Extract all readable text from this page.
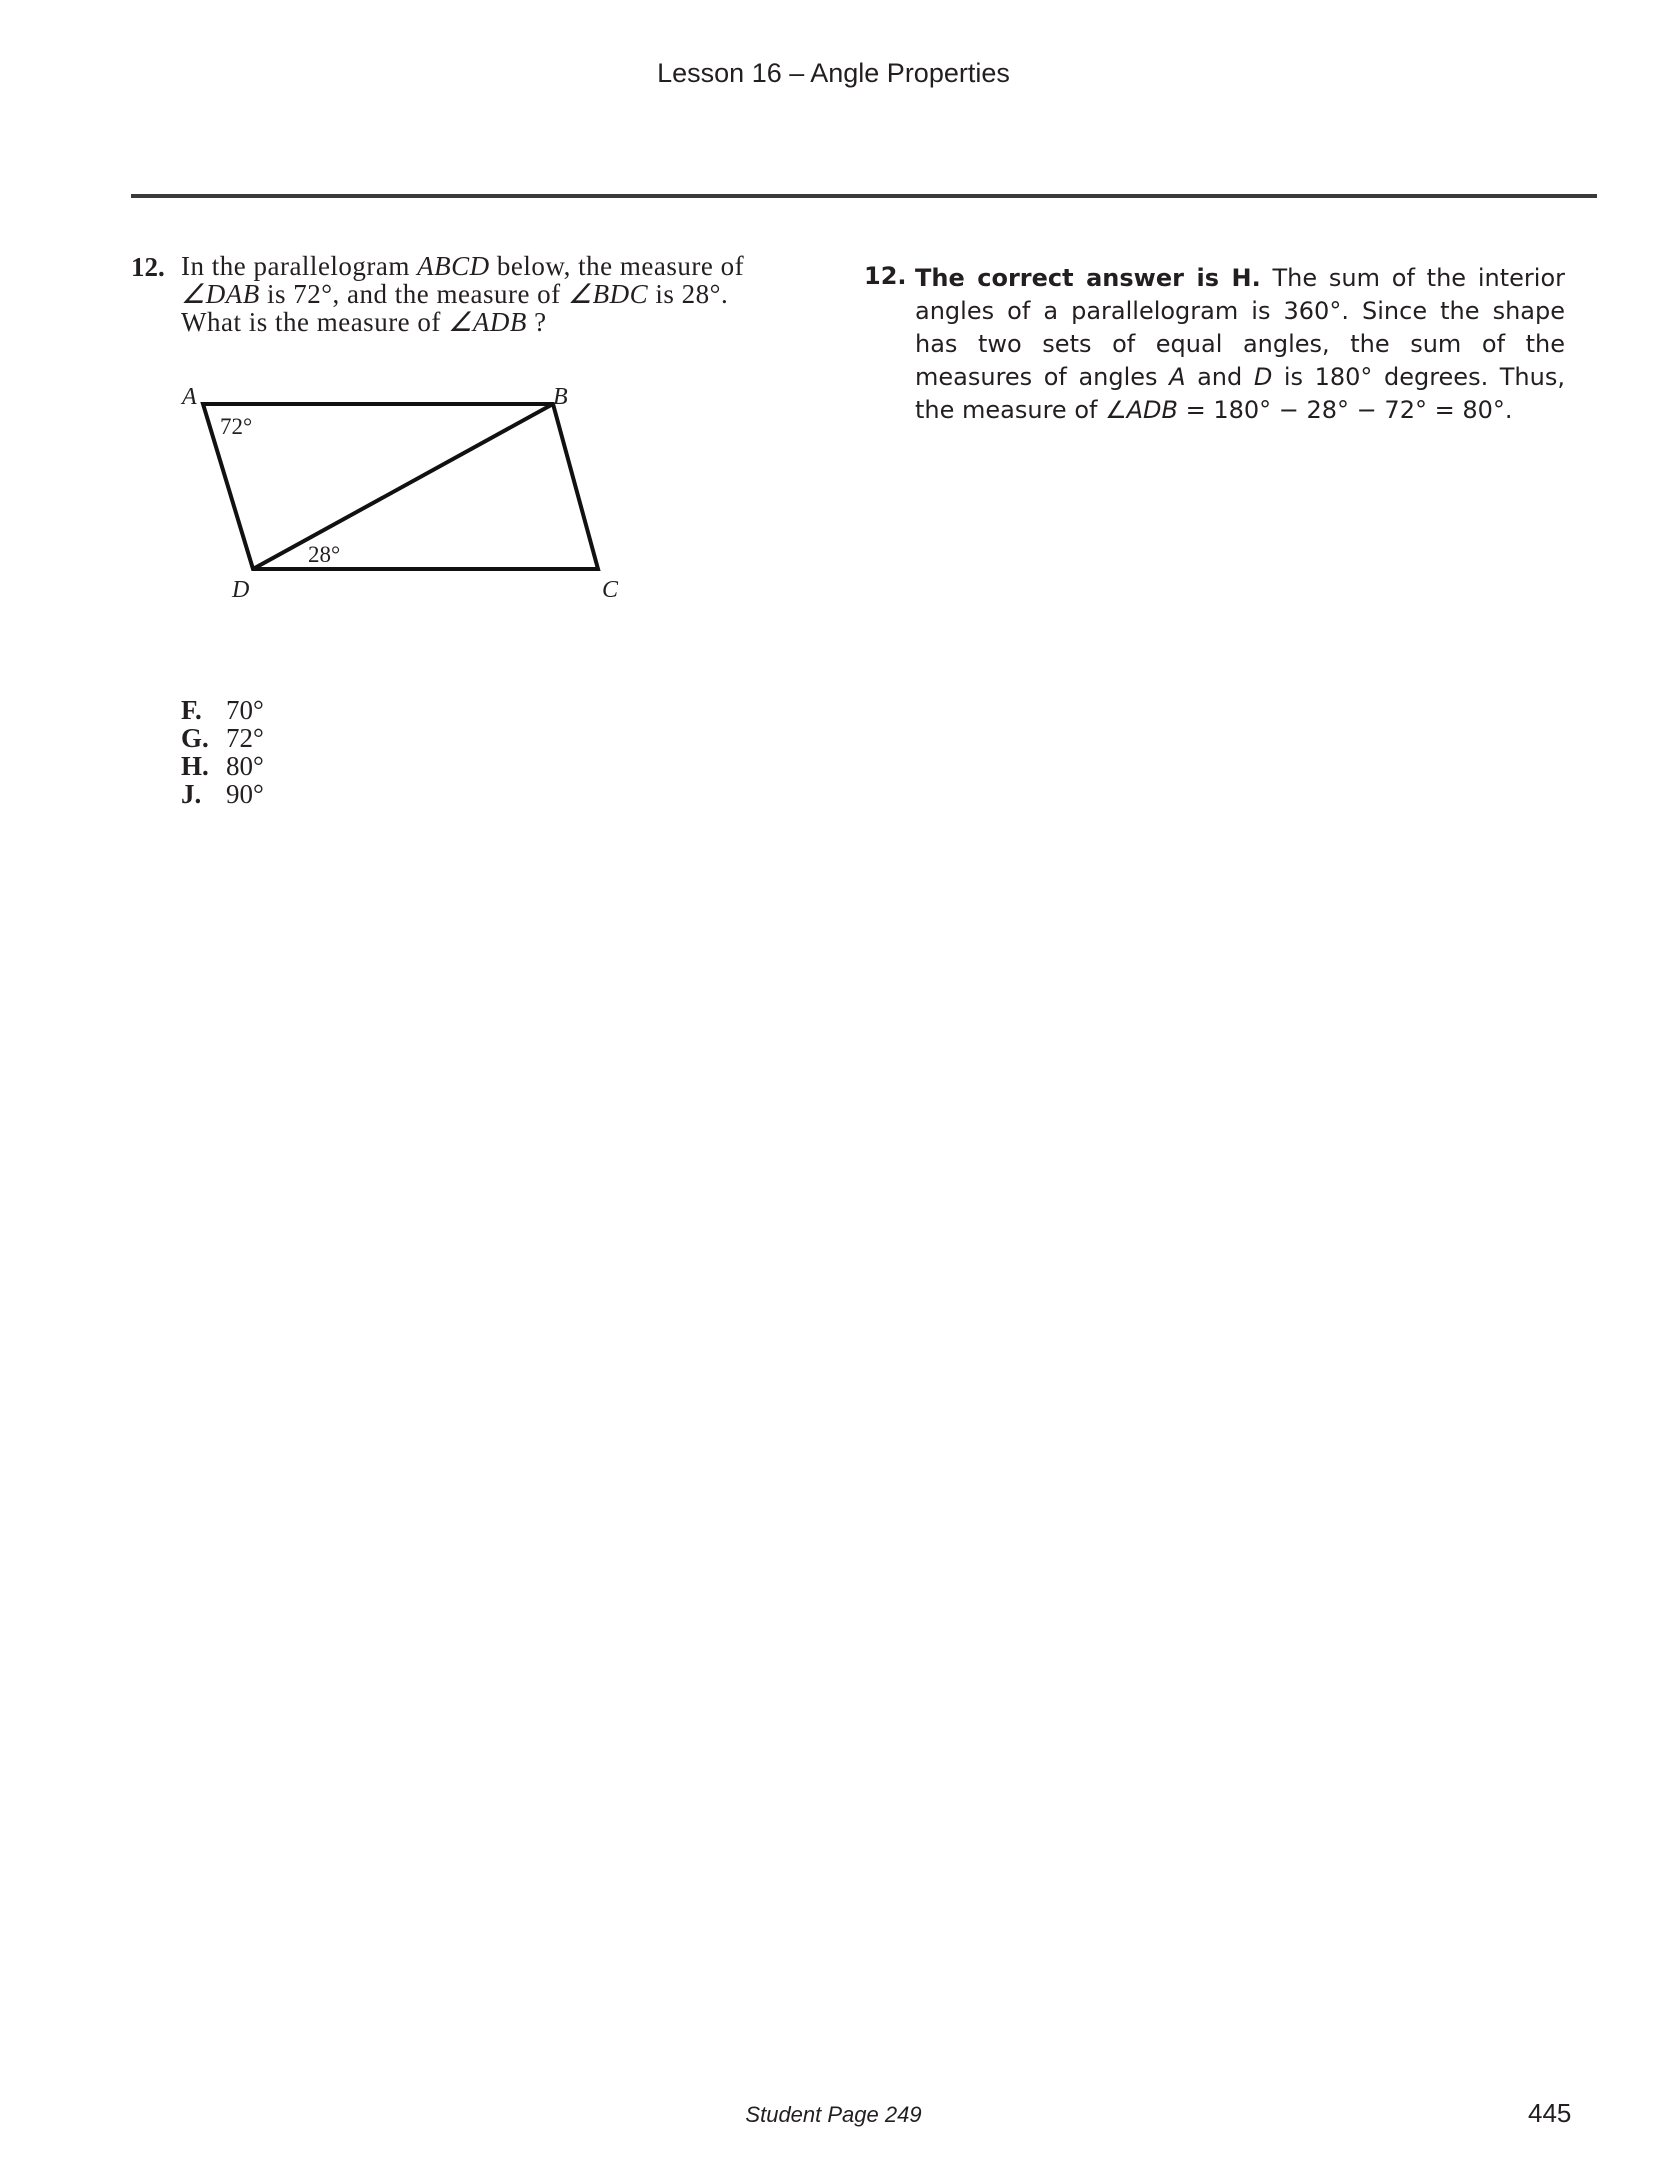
Lesson 16 – Angle Properties
12. In the parallelogram ABCD below, the measure of
∠DAB is 72°, and the measure of ∠BDC is 28°.
What is the measure of ∠ADB ?
A	B
C
D
72°
28°
F. 70°
G. 72°
H. 80°
J. 90°
12. The correct answer is H. The sum of the interior angles of a parallelogram is 360°. Since the shape has two sets of equal angles, the sum of the measures of angles A and D is 180° degrees. Thus, the measure of ∠ADB = 180° − 28° − 72° = 80°.
Student Page 249	445
